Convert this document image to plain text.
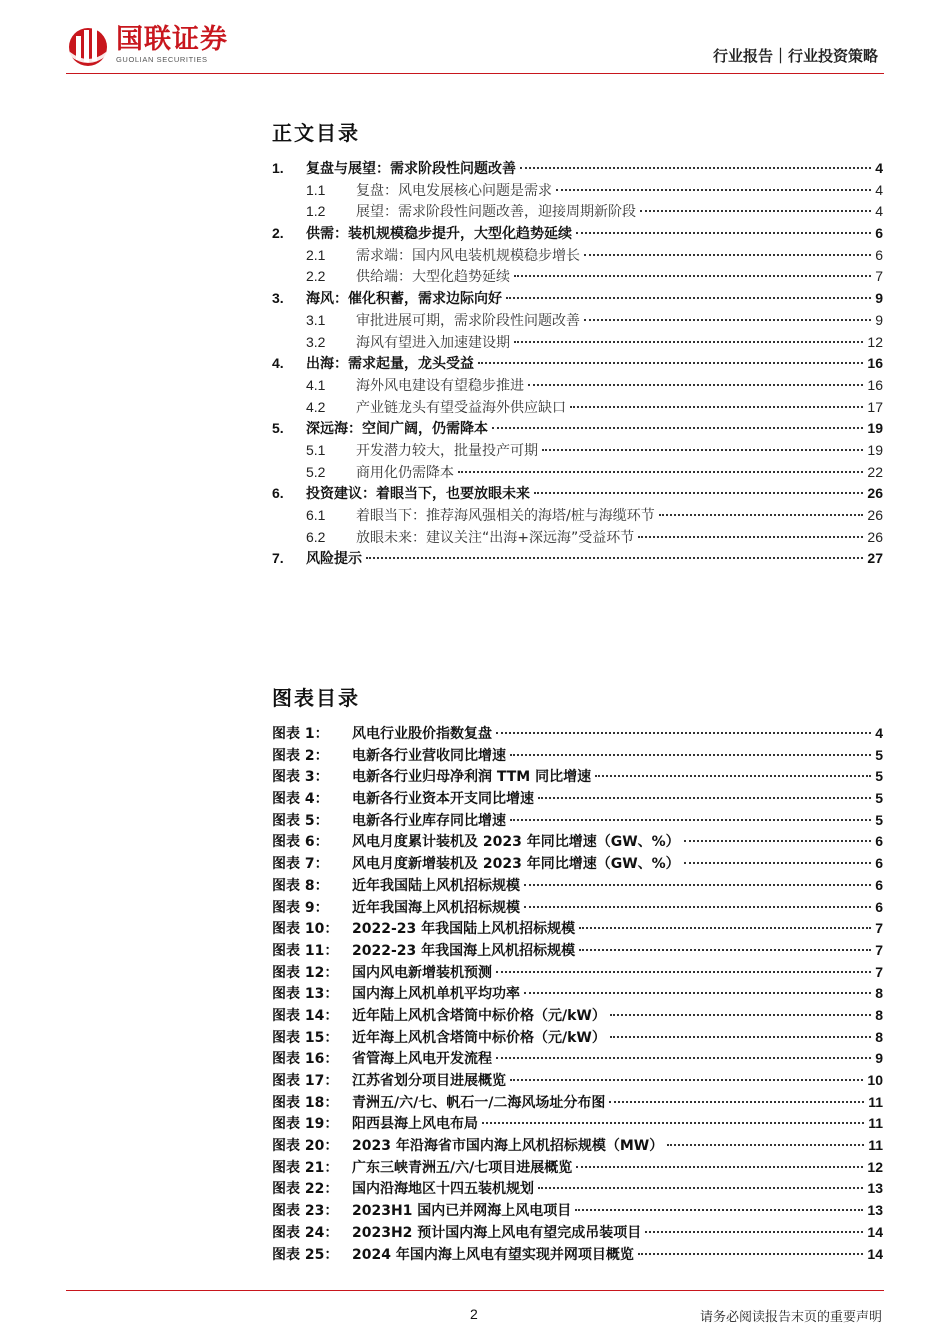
国联证券
GUOLIAN SECURITIES	行业报告｜行业投资策略
正文目录
1.	复盘与展望：需求阶段性问题改善	4
1.1	复盘：风电发展核心问题是需求	4
1.2	展望：需求阶段性问题改善，迎接周期新阶段	4
2.	供需：装机规模稳步提升，大型化趋势延续	6
2.1	需求端：国内风电装机规模稳步增长	6
2.2	供给端：大型化趋势延续	7
3.	海风：催化积蓄，需求边际向好	9
3.1	审批进展可期，需求阶段性问题改善	9
3.2	海风有望进入加速建设期	12
4.	出海：需求起量，龙头受益	16
4.1	海外风电建设有望稳步推进	16
4.2	产业链龙头有望受益海外供应缺口	17
5.	深远海：空间广阔，仍需降本	19
5.1	开发潜力较大，批量投产可期	19
5.2	商用化仍需降本	22
6.	投资建议：着眼当下，也要放眼未来	26
6.1	着眼当下：推荐海风强相关的海塔/桩与海缆环节	26
6.2	放眼未来：建议关注“出海+深远海”受益环节	26
7.	风险提示	27
图表目录
图表 1：	风电行业股价指数复盘	4
图表 2：	电新各行业营收同比增速	5
图表 3：	电新各行业归母净利润 TTM 同比增速	5
图表 4：	电新各行业资本开支同比增速	5
图表 5：	电新各行业库存同比增速	5
图表 6：	风电月度累计装机及 2023 年同比增速（GW、%）	6
图表 7：	风电月度新增装机及 2023 年同比增速（GW、%）	6
图表 8：	近年我国陆上风机招标规模	6
图表 9：	近年我国海上风机招标规模	6
图表 10： 2022-23 年我国陆上风机招标规模	7
图表 11： 2022-23 年我国海上风机招标规模	7
图表 12： 国内风电新增装机预测	7
图表 13： 国内海上风机单机平均功率	8
图表 14： 近年陆上风机含塔筒中标价格（元/kW）	8
图表 15： 近年海上风机含塔筒中标价格（元/kW）	8
图表 16： 省管海上风电开发流程	9
图表 17： 江苏省划分项目进展概览	10
图表 18： 青洲五/六/七、帆石一/二海风场址分布图	11
图表 19： 阳西县海上风电布局	11
图表 20： 2023 年沿海省市国内海上风机招标规模（MW）	11
图表 21： 广东三峡青洲五/六/七项目进展概览	12
图表 22： 国内沿海地区十四五装机规划	13
图表 23： 2023H1 国内已并网海上风电项目	13
图表 24： 2023H2 预计国内海上风电有望完成吊装项目	14
图表 25： 2024 年国内海上风电有望实现并网项目概览	14
2	请务必阅读报告末页的重要声明
